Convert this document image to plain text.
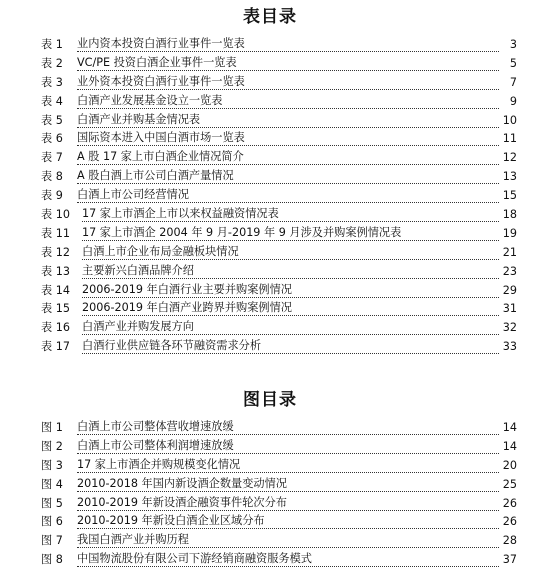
表目录
表 1 业内资本投资白酒行业事件一览表	3
表 2 VC/PE 投资白酒企业事件一览表	5
表 3 业外资本投资白酒行业事件一览表	7
表 4 白酒产业发展基金设立一览表	9
表 5 白酒产业并购基金情况表	10
表 6 国际资本进入中国白酒市场一览表	11
表 7 A 股 17 家上市白酒企业情况简介	12
表 8 A 股白酒上市公司白酒产量情况	13
表 9 白酒上市公司经营情况	15
表 10 17 家上市酒企上市以来权益融资情况表	18
表 11 17 家上市酒企 2004 年 9 月-2019 年 9 月涉及并购案例情况表	19
表 12 白酒上市企业布局金融板块情况	21
表 13 主要新兴白酒品牌介绍	23
表 14 2006-2019 年白酒行业主要并购案例情况	29
表 15 2006-2019 年白酒产业跨界并购案例情况	31
表 16 白酒产业并购发展方向	32
表 17 白酒行业供应链各环节融资需求分析	33
图目录
图 1 白酒上市公司整体营收增速放缓	14
图 2 白酒上市公司整体利润增速放缓	14
图 3 17 家上市酒企并购规模变化情况	20
图 4 2010-2018 年国内新设酒企数量变动情况	25
图 5 2010-2019 年新设酒企融资事件轮次分布	26
图 6 2010-2019 年新设白酒企业区域分布	26
图 7 我国白酒产业并购历程	28
图 8 中国物流股份有限公司下游经销商融资服务模式	37
